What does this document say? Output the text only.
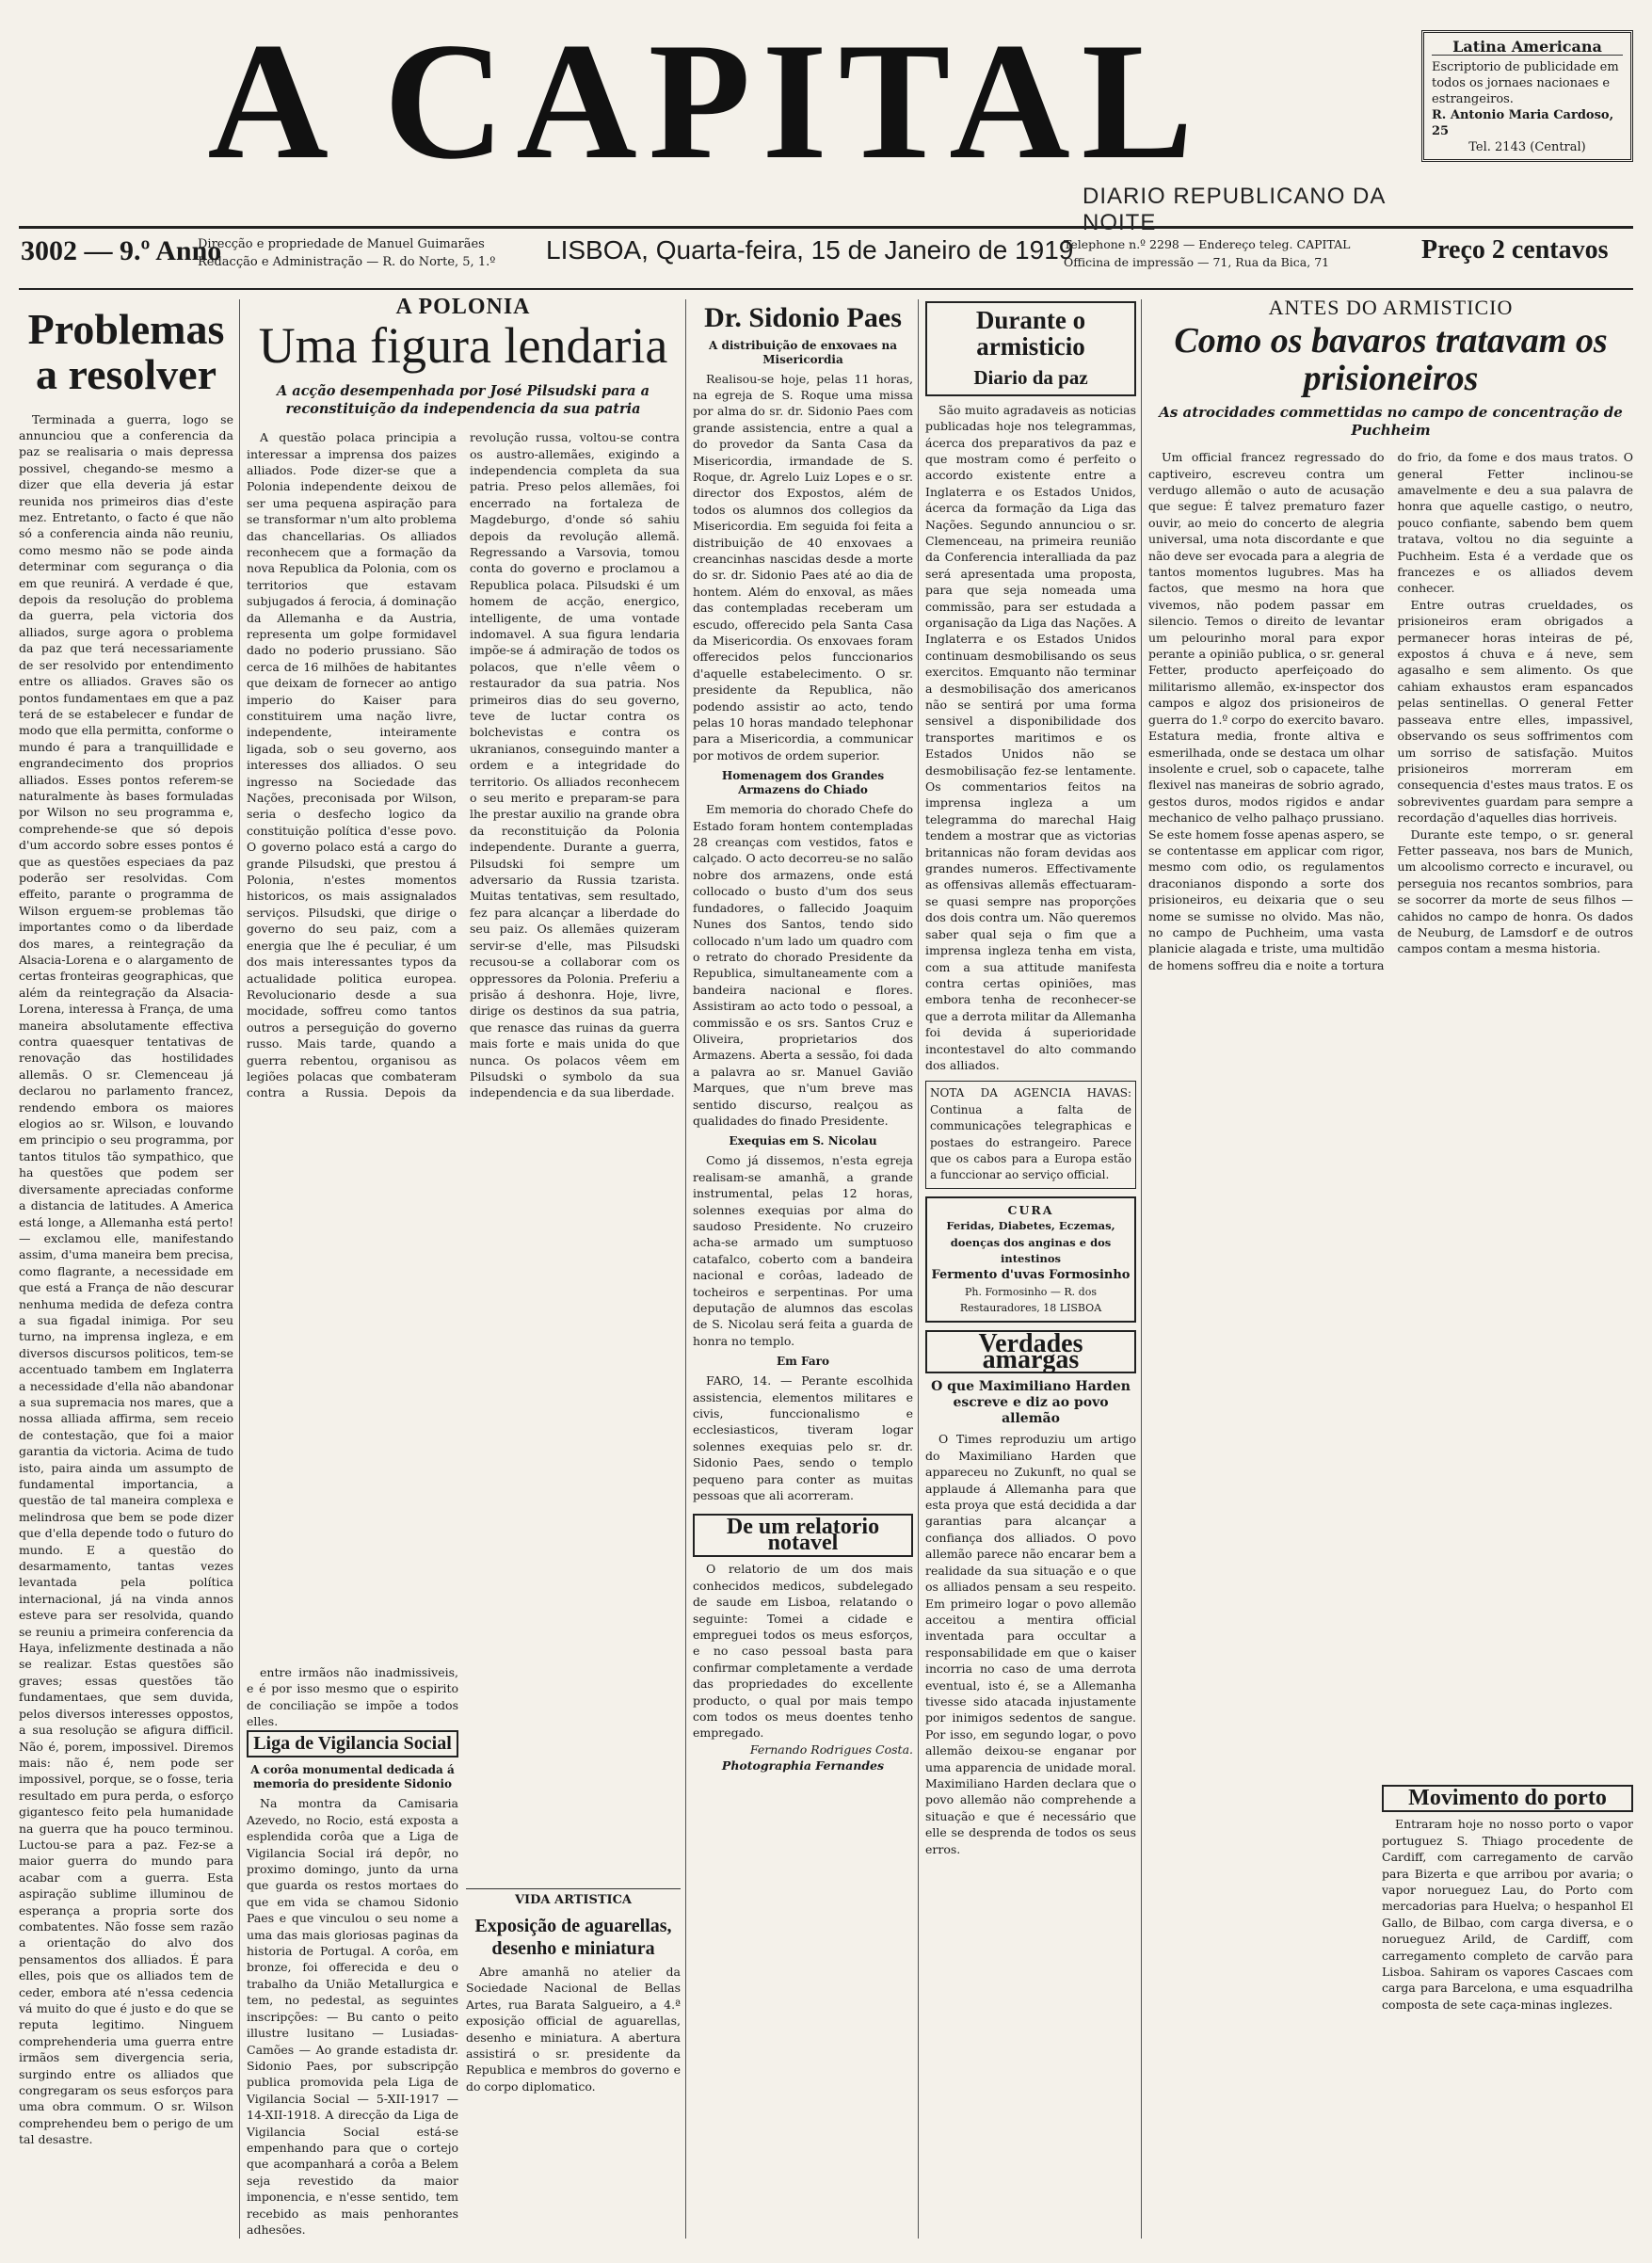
A CAPITAL
DIARIO REPUBLICANO DA NOITE
Latina Americana
Escriptorio de publicidade em todos os jornaes nacionaes e estrangeiros.
R. Antonio Maria Cardoso, 25
Tel. 2143 (Central)
3002 — 9.º Anno
Direcção e propriedade de Manuel Guimarães
Redacção e Administração — R. do Norte, 5, 1.º LISBOA, Quarta-feira, 15 de Janeiro de 1919
Telephone n.º 2298 — Endereço teleg. CAPITAL
Officina de impressão — 71, Rua da Bica, 71	Preço 2 centavos
Problemas a resolver

Terminada a guerra, logo se annunciou que a conferencia da paz se realisaria o mais depressa possivel, chegando-se mesmo a dizer que ella deveria já estar reunida nos primeiros dias d'este mez. Entretanto, o facto é que não só a conferencia ainda não reuniu, como mesmo não se pode ainda determinar com segurança o dia em que reunirá. A verdade é que, depois da resolução do problema da guerra, pela victoria dos alliados, surge agora o problema da paz que terá necessariamente de ser resolvido por entendimento entre os alliados. Graves são os pontos fundamentaes em que a paz terá de se estabelecer e fundar de modo que ella permitta, conforme o mundo é para a tranquillidade e engrandecimento dos proprios alliados. Esses pontos referem-se naturalmente às bases formuladas por Wilson no seu programma e, comprehende-se que só depois d'um accordo sobre esses pontos é que as questões especiaes da paz poderão ser resolvidas. Com effeito, parante o programma de Wilson erguem-se problemas tão importantes como o da liberdade dos mares, a reintegração da Alsacia-Lorena e o alargamento de certas fronteiras geographicas, que além da reintegração da Alsacia-Lorena, interessa à França, de uma maneira absolutamente effectiva contra quaesquer tentativas de renovação das hostilidades allemãs. O sr. Clemenceau já declarou no parlamento francez, rendendo embora os maiores elogios ao sr. Wilson, e louvando em principio o seu programma, por tantos titulos tão sympathico, que ha questões que podem ser diversamente apreciadas conforme a distancia de latitudes. A America está longe, a Allemanha está perto! — exclamou elle, manifestando assim, d'uma maneira bem precisa, como flagrante, a necessidade em que está a França de não descurar nenhuma medida de defeza contra a sua figadal inimiga. Por seu turno, na imprensa ingleza, e em diversos discursos politicos, tem-se accentuado tambem em Inglaterra a necessidade d'ella não abandonar a sua supremacia nos mares, que a nossa alliada affirma, sem receio de contestação, que foi a maior garantia da victoria. Acima de tudo isto, paira ainda um assumpto de fundamental importancia, a questão de tal maneira complexa e melindrosa que bem se pode dizer que d'ella depende todo o futuro do mundo. E a questão do desarmamento, tantas vezes levantada pela política internacional, já na vinda annos esteve para ser resolvida, quando se reuniu a primeira conferencia da Haya, infelizmente destinada a não se realizar. Estas questões são graves; essas questões tão fundamentaes, que sem duvida, pelos diversos interesses oppostos, a sua resolução se afigura difficil. Não é, porem, impossivel. Diremos mais: não é, nem pode ser impossivel, porque, se o fosse, teria resultado em pura perda, o esforço gigantesco feito pela humanidade na guerra que ha pouco terminou. Luctou-se para a paz. Fez-se a maior guerra do mundo para acabar com a guerra. Esta aspiração sublime illuminou de esperança a propria sorte dos combatentes. Não fosse sem razão a orientação do alvo dos pensamentos dos alliados. É para elles, pois que os alliados tem de ceder, embora até n'essa cedencia vá muito do que é justo e do que se reputa legitimo. Ninguem comprehenderia uma guerra entre irmãos sem divergencia seria, surgindo entre os alliados que congregaram os seus esforços para uma obra commum. O sr. Wilson comprehendeu bem o perigo de um tal desastre.

A POLONIA
Uma figura lendaria
A acção desempenhada por José Pilsudski para a reconstituição da independencia da sua patria

A questão polaca principia a interessar a imprensa dos paizes alliados. Pode dizer-se que a Polonia independente deixou de ser uma pequena aspiração para se transformar n'um alto problema das chancellarias. Os alliados reconhecem que a formação da nova Republica da Polonia, com os territorios que estavam subjugados á ferocia, á dominação da Allemanha e da Austria, representa um golpe formidavel dado no poderio prussiano. São cerca de 16 milhões de habitantes que deixam de fornecer ao antigo imperio do Kaiser para constituirem uma nação livre, independente, inteiramente ligada, sob o seu governo, aos interesses dos alliados. O seu ingresso na Sociedade das Nações, preconisada por Wilson, seria o desfecho logico da constituição política d'esse povo. O governo polaco está a cargo do grande Pilsudski, que prestou á Polonia, n'estes momentos historicos, os mais assignalados serviços. Pilsudski, que dirige o governo do seu paiz, com a energia que lhe é peculiar, é um dos mais interessantes typos da actualidade politica europea. Revolucionario desde a sua mocidade, soffreu como tantos outros a perseguição do governo russo. Mais tarde, quando a guerra rebentou, organisou as legiões polacas que combateram contra a Russia. Depois da revolução russa, voltou-se contra os austro-allemães, exigindo a independencia completa da sua patria. Preso pelos allemães, foi encerrado na fortaleza de Magdeburgo, d'onde só sahiu depois da revolução allemã. Regressando a Varsovia, tomou conta do governo e proclamou a Republica polaca. Pilsudski é um homem de acção, energico, intelligente, de uma vontade indomavel. A sua figura lendaria impõe-se á admiração de todos os polacos, que n'elle vêem o restaurador da sua patria. Nos primeiros dias do seu governo, teve de luctar contra os bolchevistas e contra os ukranianos, conseguindo manter a ordem e a integridade do territorio. Os alliados reconhecem o seu merito e preparam-se para lhe prestar auxilio na grande obra da reconstituição da Polonia independente. Durante a guerra, Pilsudski foi sempre um adversario da Russia tzarista. Muitas tentativas, sem resultado, fez para alcançar a liberdade do seu paiz. Os allemães quizeram servir-se d'elle, mas Pilsudski recusou-se a collaborar com os oppressores da Polonia. Preferiu a prisão á deshonra. Hoje, livre, dirige os destinos da sua patria, que renasce das ruinas da guerra mais forte e mais unida do que nunca. Os polacos vêem em Pilsudski o symbolo da sua independencia e da sua liberdade.

entre irmãos não inadmissiveis, e é por isso mesmo que o espirito de conciliação se impõe a todos elles.

Liga de Vigilancia Social
A corôa monumental dedicada á memoria do presidente Sidonio

Na montra da Camisaria Azevedo, no Rocio, está exposta a esplendida corôa que a Liga de Vigilancia Social irá depôr, no proximo domingo, junto da urna que guarda os restos mortaes do que em vida se chamou Sidonio Paes e que vinculou o seu nome a uma das mais gloriosas paginas da historia de Portugal. A corôa, em bronze, foi offerecida e deu o trabalho da União Metallurgica e tem, no pedestal, as seguintes inscripções: — Bu canto o peito illustre lusitano — Lusiadas-Camões — Ao grande estadista dr. Sidonio Paes, por subscripção publica promovida pela Liga de Vigilancia Social — 5-XII-1917 — 14-XII-1918. A direcção da Liga de Vigilancia Social está-se empenhando para que o cortejo que acompanhará a corôa a Belem seja revestido da maior imponencia, e n'esse sentido, tem recebido as mais penhorantes adhesões.

VIDA ARTISTICA
Exposição de aguarellas, desenho e miniatura

Abre amanhã no atelier da Sociedade Nacional de Bellas Artes, rua Barata Salgueiro, a 4.ª exposição official de aguarellas, desenho e miniatura. A abertura assistirá o sr. presidente da Republica e membros do governo e do corpo diplomatico.

Dr. Sidonio Paes
A distribuição de enxovaes na Misericordia

Realisou-se hoje, pelas 11 horas, na egreja de S. Roque uma missa por alma do sr. dr. Sidonio Paes com grande assistencia, entre a qual a do provedor da Santa Casa da Misericordia, irmandade de S. Roque, dr. Agrelo Luiz Lopes e o sr. director dos Expostos, além de todos os alumnos dos collegios da Misericordia. Em seguida foi feita a distribuição de 40 enxovaes a creancinhas nascidas desde a morte do sr. dr. Sidonio Paes até ao dia de hontem. Além do enxoval, as mães das contempladas receberam um escudo, offerecido pela Santa Casa da Misericordia. Os enxovaes foram offerecidos pelos funccionarios d'aquelle estabelecimento. O sr. presidente da Republica, não podendo assistir ao acto, tendo pelas 10 horas mandado telephonar para a Misericordia, a communicar por motivos de ordem superior.

Homenagem dos Grandes Armazens do Chiado

Em memoria do chorado Chefe do Estado foram hontem contempladas 28 creanças com vestidos, fatos e calçado. O acto decorreu-se no salão nobre dos armazens, onde está collocado o busto d'um dos seus fundadores, o fallecido Joaquim Nunes dos Santos, tendo sido collocado n'um lado um quadro com o retrato do chorado Presidente da Republica, simultaneamente com a bandeira nacional e flores. Assistiram ao acto todo o pessoal, a commissão e os srs. Santos Cruz e Oliveira, proprietarios dos Armazens. Aberta a sessão, foi dada a palavra ao sr. Manuel Gavião Marques, que n'um breve mas sentido discurso, realçou as qualidades do finado Presidente.

Exequias em S. Nicolau

Como já dissemos, n'esta egreja realisam-se amanhã, a grande instrumental, pelas 12 horas, solennes exequias por alma do saudoso Presidente. No cruzeiro acha-se armado um sumptuoso catafalco, coberto com a bandeira nacional e corôas, ladeado de tocheiros e serpentinas. Por uma deputação de alumnos das escolas de S. Nicolau será feita a guarda de honra no templo.

Em Faro

FARO, 14. — Perante escolhida assistencia, elementos militares e civis, funccionalismo e ecclesiasticos, tiveram logar solennes exequias pelo sr. dr. Sidonio Paes, sendo o templo pequeno para conter as muitas pessoas que ali acorreram.

De um relatorio notavel

O relatorio de um dos mais conhecidos medicos, subdelegado de saude em Lisboa, relatando o seguinte: Tomei a cidade e empreguei todos os meus esforços, e no caso pessoal basta para confirmar completamente a verdade das propriedades do excellente producto, o qual por mais tempo com todos os meus doentes tenho empregado.

Fernando Rodrigues Costa.
Photographia Fernandes
Durante o armisticio
Diario da paz

São muito agradaveis as noticias publicadas hoje nos telegrammas, ácerca dos preparativos da paz e que mostram como é perfeito o accordo existente entre a Inglaterra e os Estados Unidos, ácerca da formação da Liga das Nações. Segundo annunciou o sr. Clemenceau, na primeira reunião da Conferencia interalliada da paz será apresentada uma proposta, para que seja nomeada uma commissão, para ser estudada a organisação da Liga das Nações. A Inglaterra e os Estados Unidos continuam desmobilisando os seus exercitos. Emquanto não terminar a desmobilisação dos americanos não se sentirá por uma forma sensivel a disponibilidade dos transportes maritimos e os Estados Unidos não se desmobilisação fez-se lentamente. Os commentarios feitos na imprensa ingleza a um telegramma do marechal Haig tendem a mostrar que as victorias britannicas não foram devidas aos grandes numeros. Effectivamente as offensivas allemãs effectuaram-se quasi sempre nas proporções dos dois contra um. Não queremos saber qual seja o fim que a imprensa ingleza tenha em vista, com a sua attitude manifesta contra certas opiniões, mas embora tenha de reconhecer-se que a derrota militar da Allemanha foi devida á superioridade incontestavel do alto commando dos alliados.

NOTA DA AGENCIA HAVAS: Continua a falta de communicações telegraphicas e postaes do estrangeiro. Parece que os cabos para a Europa estão a funccionar ao serviço official.
CURA
Feridas, Diabetes, Eczemas, doenças dos anginas e dos intestinos
Fermento d'uvas Formosinho
Ph. Formosinho — R. dos Restauradores, 18 LISBOA
Verdades amargas
O que Maximiliano Harden escreve e diz ao povo allemão

O Times reproduziu um artigo do Maximiliano Harden que appareceu no Zukunft, no qual se applaude á Allemanha para que esta proya que está decidida a dar garantias para alcançar a confiança dos alliados. O povo allemão parece não encarar bem a realidade da sua situação e o que os alliados pensam a seu respeito. Em primeiro logar o povo allemão acceitou a mentira official inventada para occultar a responsabilidade em que o kaiser incorria no caso de uma derrota eventual, isto é, se a Allemanha tivesse sido atacada injustamente por inimigos sedentos de sangue. Por isso, em segundo logar, o povo allemão deixou-se enganar por uma apparencia de unidade moral. Maximiliano Harden declara que o povo allemão não comprehende a situação e que é necessário que elle se desprenda de todos os seus erros.

ANTES DO ARMISTICIO
Como os bavaros tratavam os prisioneiros
As atrocidades commettidas no campo de concentração de Puchheim

Um official francez regressado do captiveiro, escreveu contra um verdugo allemão o auto de acusação que segue: É talvez prematuro fazer ouvir, ao meio do concerto de alegria universal, uma nota discordante e que não deve ser evocada para a alegria de tantos momentos lugubres. Mas ha factos, que mesmo na hora que vivemos, não podem passar em silencio. Temos o direito de levantar um pelourinho moral para expor perante a opinião publica, o sr. general Fetter, producto aperfeiçoado do militarismo allemão, ex-inspector dos campos e algoz dos prisioneiros de guerra do 1.º corpo do exercito bavaro. Estatura media, fronte altiva e esmerilhada, onde se destaca um olhar insolente e cruel, sob o capacete, talhe flexivel nas maneiras de sobrio agrado, gestos duros, modos rigidos e andar mechanico de velho palhaço prussiano. Se este homem fosse apenas aspero, se se contentasse em applicar com rigor, mesmo com odio, os regulamentos draconianos dispondo a sorte dos prisioneiros, eu deixaria que o seu nome se sumisse no olvido. Mas não, no campo de Puchheim, uma vasta planicie alagada e triste, uma multidão de homens soffreu dia e noite a tortura do frio, da fome e dos maus tratos. O general Fetter inclinou-se amavelmente e deu a sua palavra de honra que aquelle castigo, o neutro, pouco confiante, sabendo bem quem tratava, voltou no dia seguinte a Puchheim. Esta é a verdade que os francezes e os alliados devem conhecer.

Entre outras crueldades, os prisioneiros eram obrigados a permanecer horas inteiras de pé, expostos á chuva e á neve, sem agasalho e sem alimento. Os que cahiam exhaustos eram espancados pelas sentinellas. O general Fetter passeava entre elles, impassivel, observando os seus soffrimentos com um sorriso de satisfação. Muitos prisioneiros morreram em consequencia d'estes maus tratos. E os sobreviventes guardam para sempre a recordação d'aquelles dias horriveis.

Durante este tempo, o sr. general Fetter passeava, nos bars de Munich, um alcoolismo correcto e incuravel, ou perseguia nos recantos sombrios, para se socorrer da morte de seus filhos — cahidos no campo de honra. Os dados de Neuburg, de Lamsdorf e de outros campos contam a mesma historia.

Movimento do porto

Entraram hoje no nosso porto o vapor portuguez S. Thiago procedente de Cardiff, com carregamento de carvão para Bizerta e que arribou por avaria; o vapor norueguez Lau, do Porto com mercadorias para Huelva; o hespanhol El Gallo, de Bilbao, com carga diversa, e o norueguez Arild, de Cardiff, com carregamento completo de carvão para Lisboa. Sahiram os vapores Cascaes com carga para Barcelona, e uma esquadrilha composta de sete caça-minas inglezes.
